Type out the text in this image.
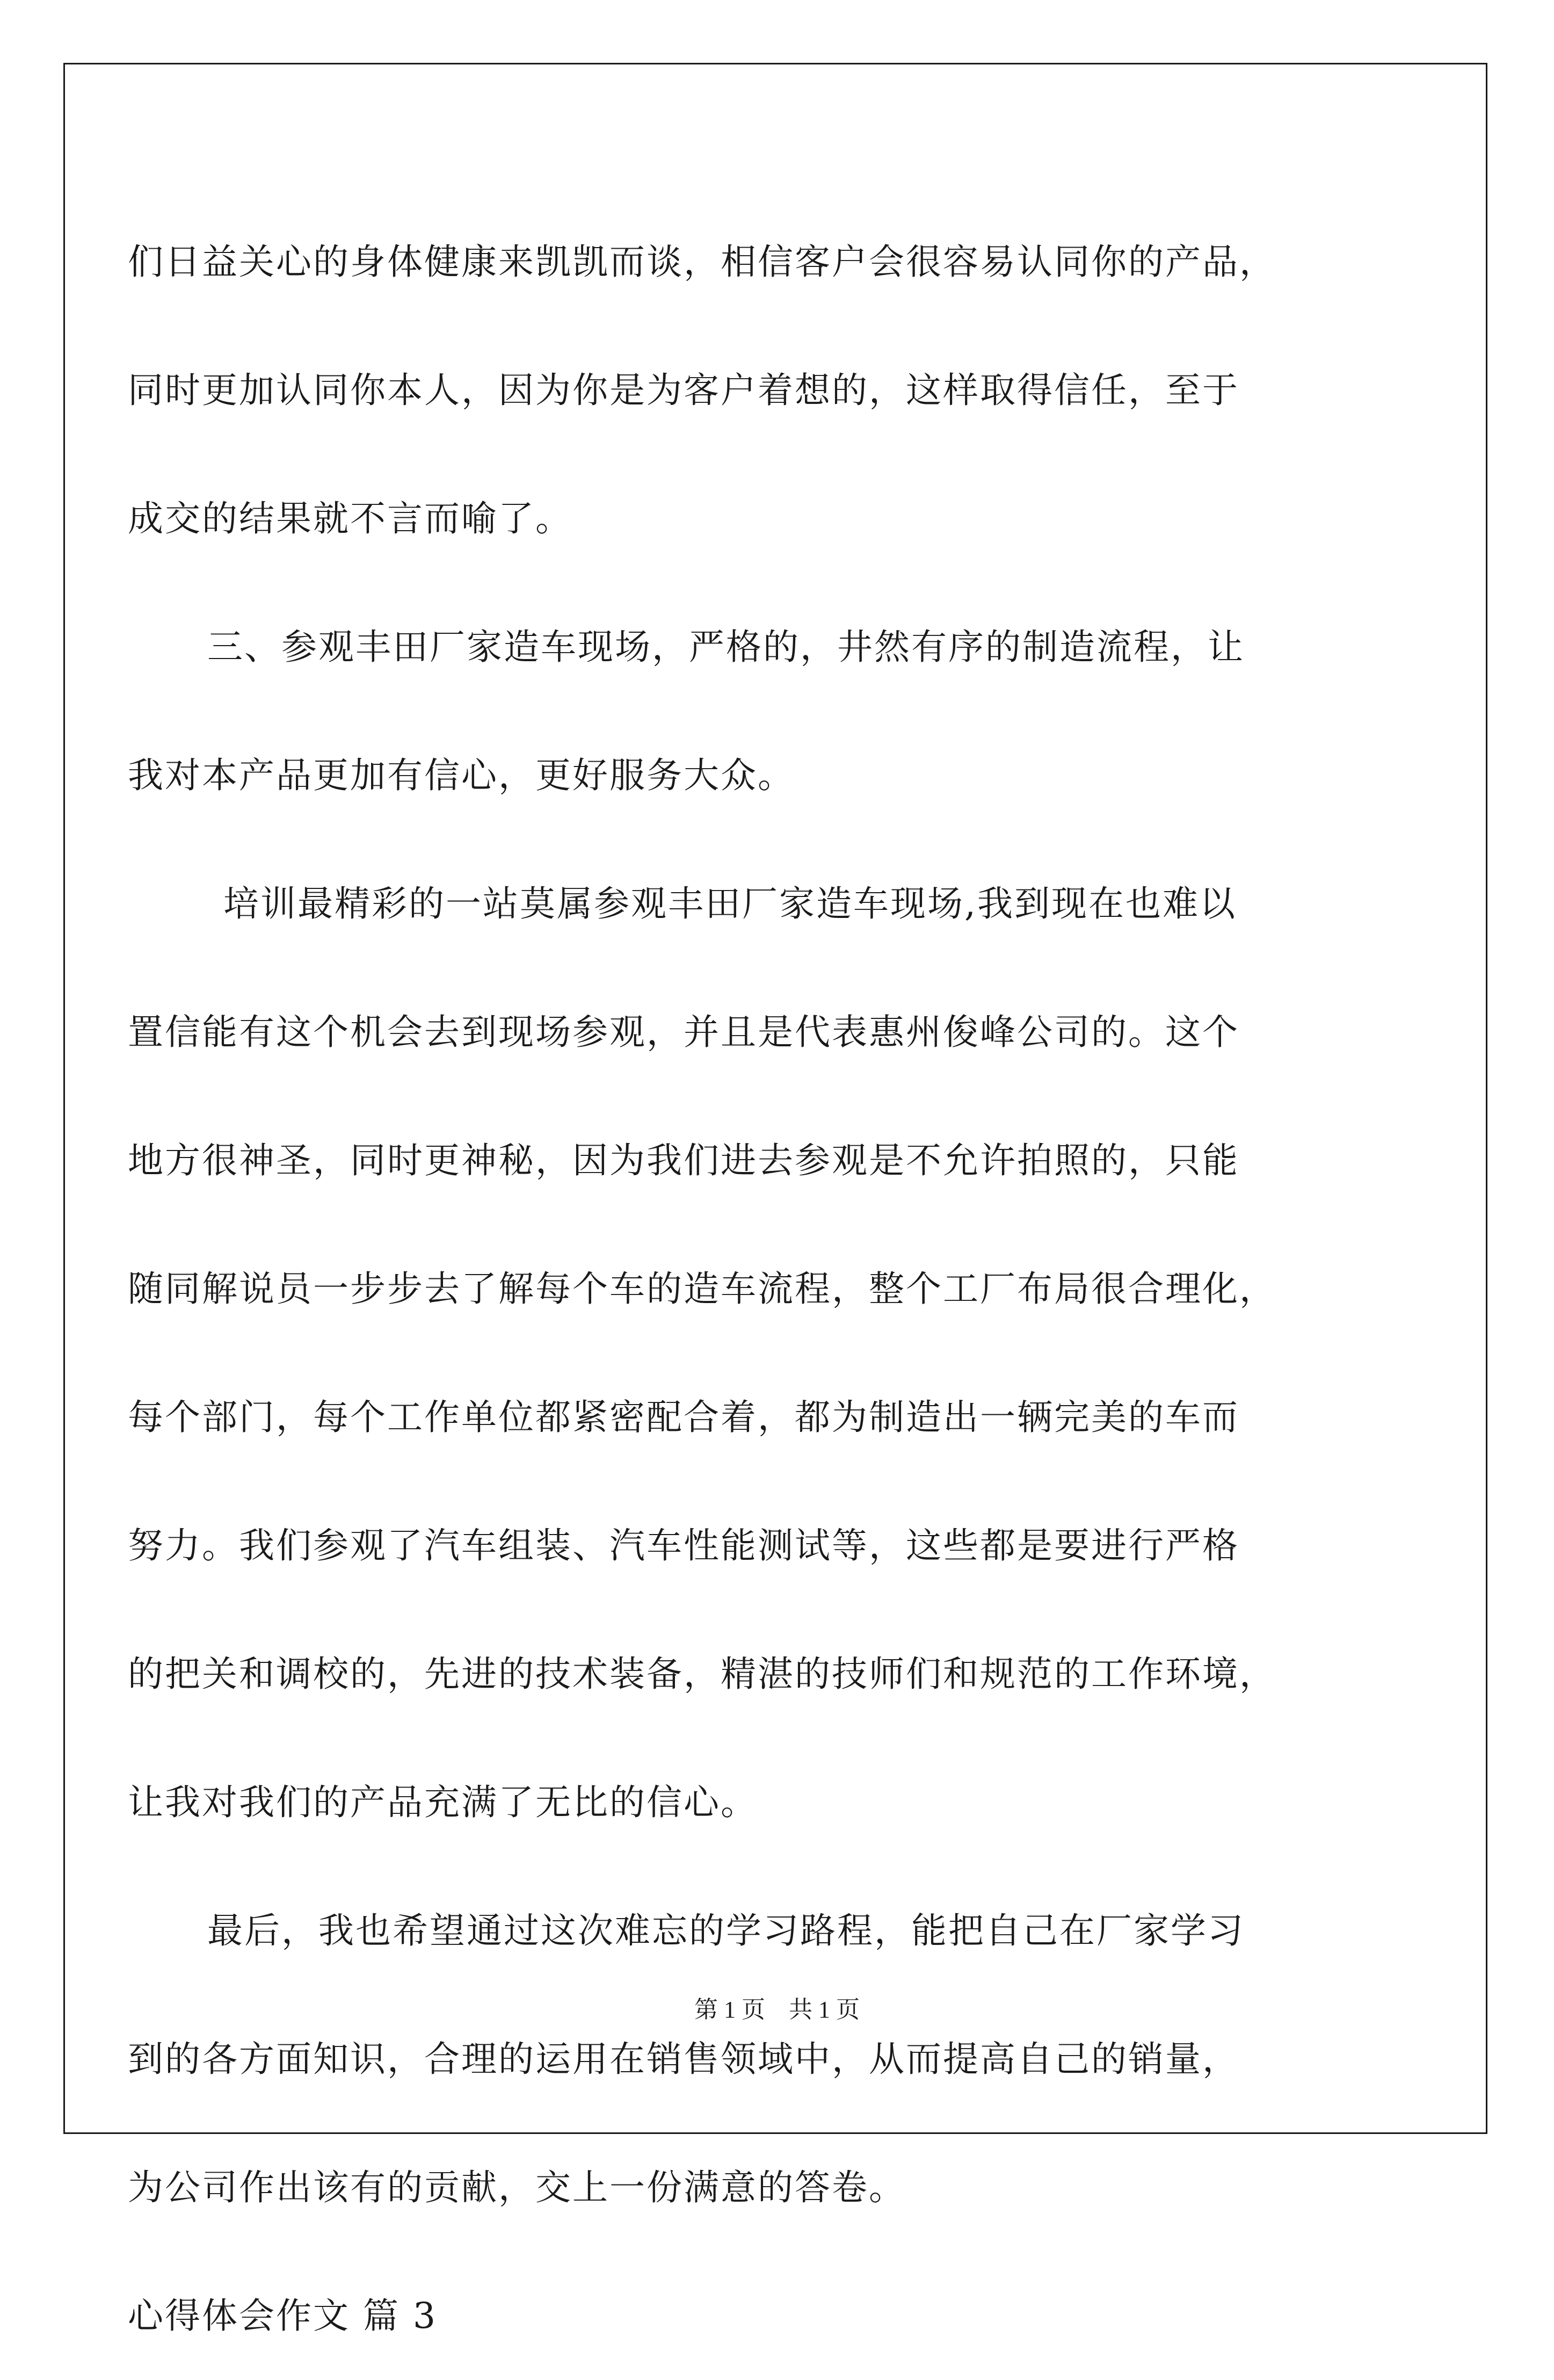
们日益关心的身体健康来凯凯而谈，相信客户会很容易认同你的产品，

同时更加认同你本人，因为你是为客户着想的，这样取得信任，至于

成交的结果就不言而喻了。

三、参观丰田厂家造车现场，严格的，井然有序的制造流程，让

我对本产品更加有信心，更好服务大众。

培训最精彩的一站莫属参观丰田厂家造车现场,我到现在也难以

置信能有这个机会去到现场参观，并且是代表惠州俊峰公司的。这个

地方很神圣，同时更神秘，因为我们进去参观是不允许拍照的，只能

随同解说员一步步去了解每个车的造车流程，整个工厂布局很合理化，

每个部门，每个工作单位都紧密配合着，都为制造出一辆完美的车而

努力。我们参观了汽车组装、汽车性能测试等，这些都是要进行严格

的把关和调校的，先进的技术装备，精湛的技师们和规范的工作环境，

让我对我们的产品充满了无比的信心。

最后，我也希望通过这次难忘的学习路程，能把自己在厂家学习

到的各方面知识，合理的运用在销售领域中，从而提高自己的销量，

为公司作出该有的贡献，交上一份满意的答卷。

心得体会作文 篇 3

第 1 页　共 1 页
